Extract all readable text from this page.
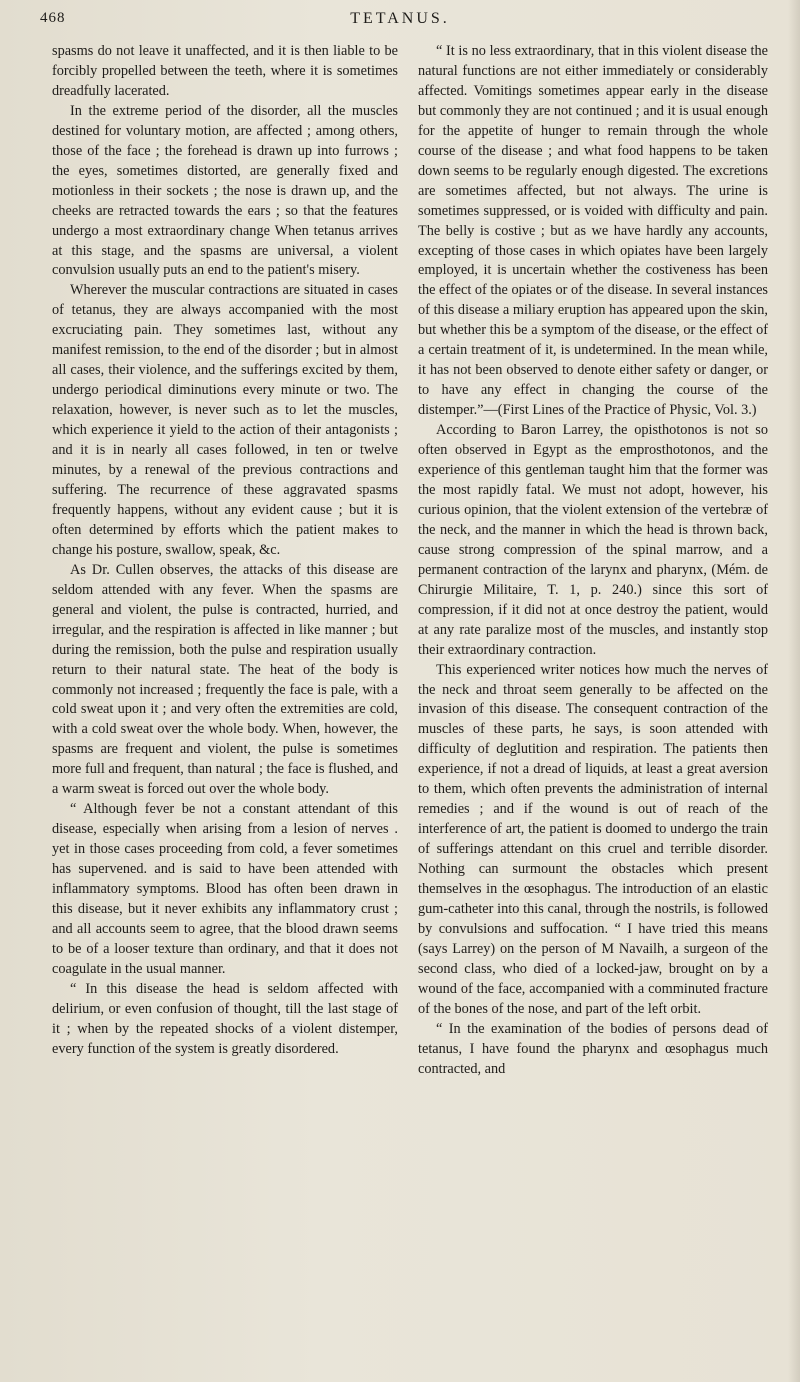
468	TETANUS.

spasms do not leave it unaffected, and it is then liable to be forcibly propelled between the teeth, where it is sometimes dreadfully lacerated.

In the extreme period of the disorder, all the muscles destined for voluntary motion, are affected ; among others, those of the face ; the forehead is drawn up into furrows ; the eyes, sometimes distorted, are generally fixed and motionless in their sockets ; the nose is drawn up, and the cheeks are retracted towards the ears ; so that the features undergo a most extraordinary change When tetanus arrives at this stage, and the spasms are universal, a violent convulsion usually puts an end to the patient's misery.

Wherever the muscular contractions are situated in cases of tetanus, they are always accompanied with the most excruciating pain. They sometimes last, without any manifest remission, to the end of the disorder ; but in almost all cases, their violence, and the sufferings excited by them, undergo periodical diminutions every minute or two. The relaxation, however, is never such as to let the muscles, which experience it yield to the action of their antagonists ; and it is in nearly all cases followed, in ten or twelve minutes, by a renewal of the previous contractions and suffering. The recurrence of these aggravated spasms frequently happens, without any evident cause ; but it is often determined by efforts which the patient makes to change his posture, swallow, speak, &c.

As Dr. Cullen observes, the attacks of this disease are seldom attended with any fever. When the spasms are general and violent, the pulse is contracted, hurried, and irregular, and the respiration is affected in like manner ; but during the remission, both the pulse and respiration usually return to their natural state. The heat of the body is commonly not increased ; frequently the face is pale, with a cold sweat upon it ; and very often the extremities are cold, with a cold sweat over the whole body. When, however, the spasms are frequent and violent, the pulse is sometimes more full and frequent, than natural ; the face is flushed, and a warm sweat is forced out over the whole body.

“ Although fever be not a constant attendant of this disease, especially when arising from a lesion of nerves . yet in those cases proceeding from cold, a fever sometimes has supervened. and is said to have been attended with inflammatory symptoms. Blood has often been drawn in this disease, but it never exhibits any inflammatory crust ; and all accounts seem to agree, that the blood drawn seems to be of a looser texture than ordinary, and that it does not coagulate in the usual manner.

“ In this disease the head is seldom affected with delirium, or even confusion of thought, till the last stage of it ; when by the repeated shocks of a violent distemper, every function of the system is greatly disordered.

“ It is no less extraordinary, that in this violent disease the natural functions are not either immediately or considerably affected. Vomitings sometimes appear early in the disease but commonly they are not continued ; and it is usual enough for the appetite of hunger to remain through the whole course of the disease ; and what food happens to be taken down seems to be regularly enough digested. The excretions are sometimes affected, but not always. The urine is sometimes suppressed, or is voided with difficulty and pain. The belly is costive ; but as we have hardly any accounts, excepting of those cases in which opiates have been largely employed, it is uncertain whether the costiveness has been the effect of the opiates or of the disease. In several instances of this disease a miliary eruption has appeared upon the skin, but whether this be a symptom of the disease, or the effect of a certain treatment of it, is undetermined. In the mean while, it has not been observed to denote either safety or danger, or to have any effect in changing the course of the distemper.”—(First Lines of the Practice of Physic, Vol. 3.)

According to Baron Larrey, the opisthotonos is not so often observed in Egypt as the emprosthotonos, and the experience of this gentleman taught him that the former was the most rapidly fatal. We must not adopt, however, his curious opinion, that the violent extension of the vertebræ of the neck, and the manner in which the head is thrown back, cause strong compression of the spinal marrow, and a permanent contraction of the larynx and pharynx, (Mém. de Chirurgie Militaire, T. 1, p. 240.) since this sort of compression, if it did not at once destroy the patient, would at any rate paralize most of the muscles, and instantly stop their extraordinary contraction.

This experienced writer notices how much the nerves of the neck and throat seem generally to be affected on the invasion of this disease. The consequent contraction of the muscles of these parts, he says, is soon attended with difficulty of deglutition and respiration. The patients then experience, if not a dread of liquids, at least a great aversion to them, which often prevents the administration of internal remedies ; and if the wound is out of reach of the interference of art, the patient is doomed to undergo the train of sufferings attendant on this cruel and terrible disorder. Nothing can surmount the obstacles which present themselves in the œsophagus. The introduction of an elastic gum-catheter into this canal, through the nostrils, is followed by convulsions and suffocation. “ I have tried this means (says Larrey) on the person of M Navailh, a surgeon of the second class, who died of a locked-jaw, brought on by a wound of the face, accompanied with a comminuted fracture of the bones of the nose, and part of the left orbit.

“ In the examination of the bodies of persons dead of tetanus, I have found the pharynx and œsophagus much contracted, and
